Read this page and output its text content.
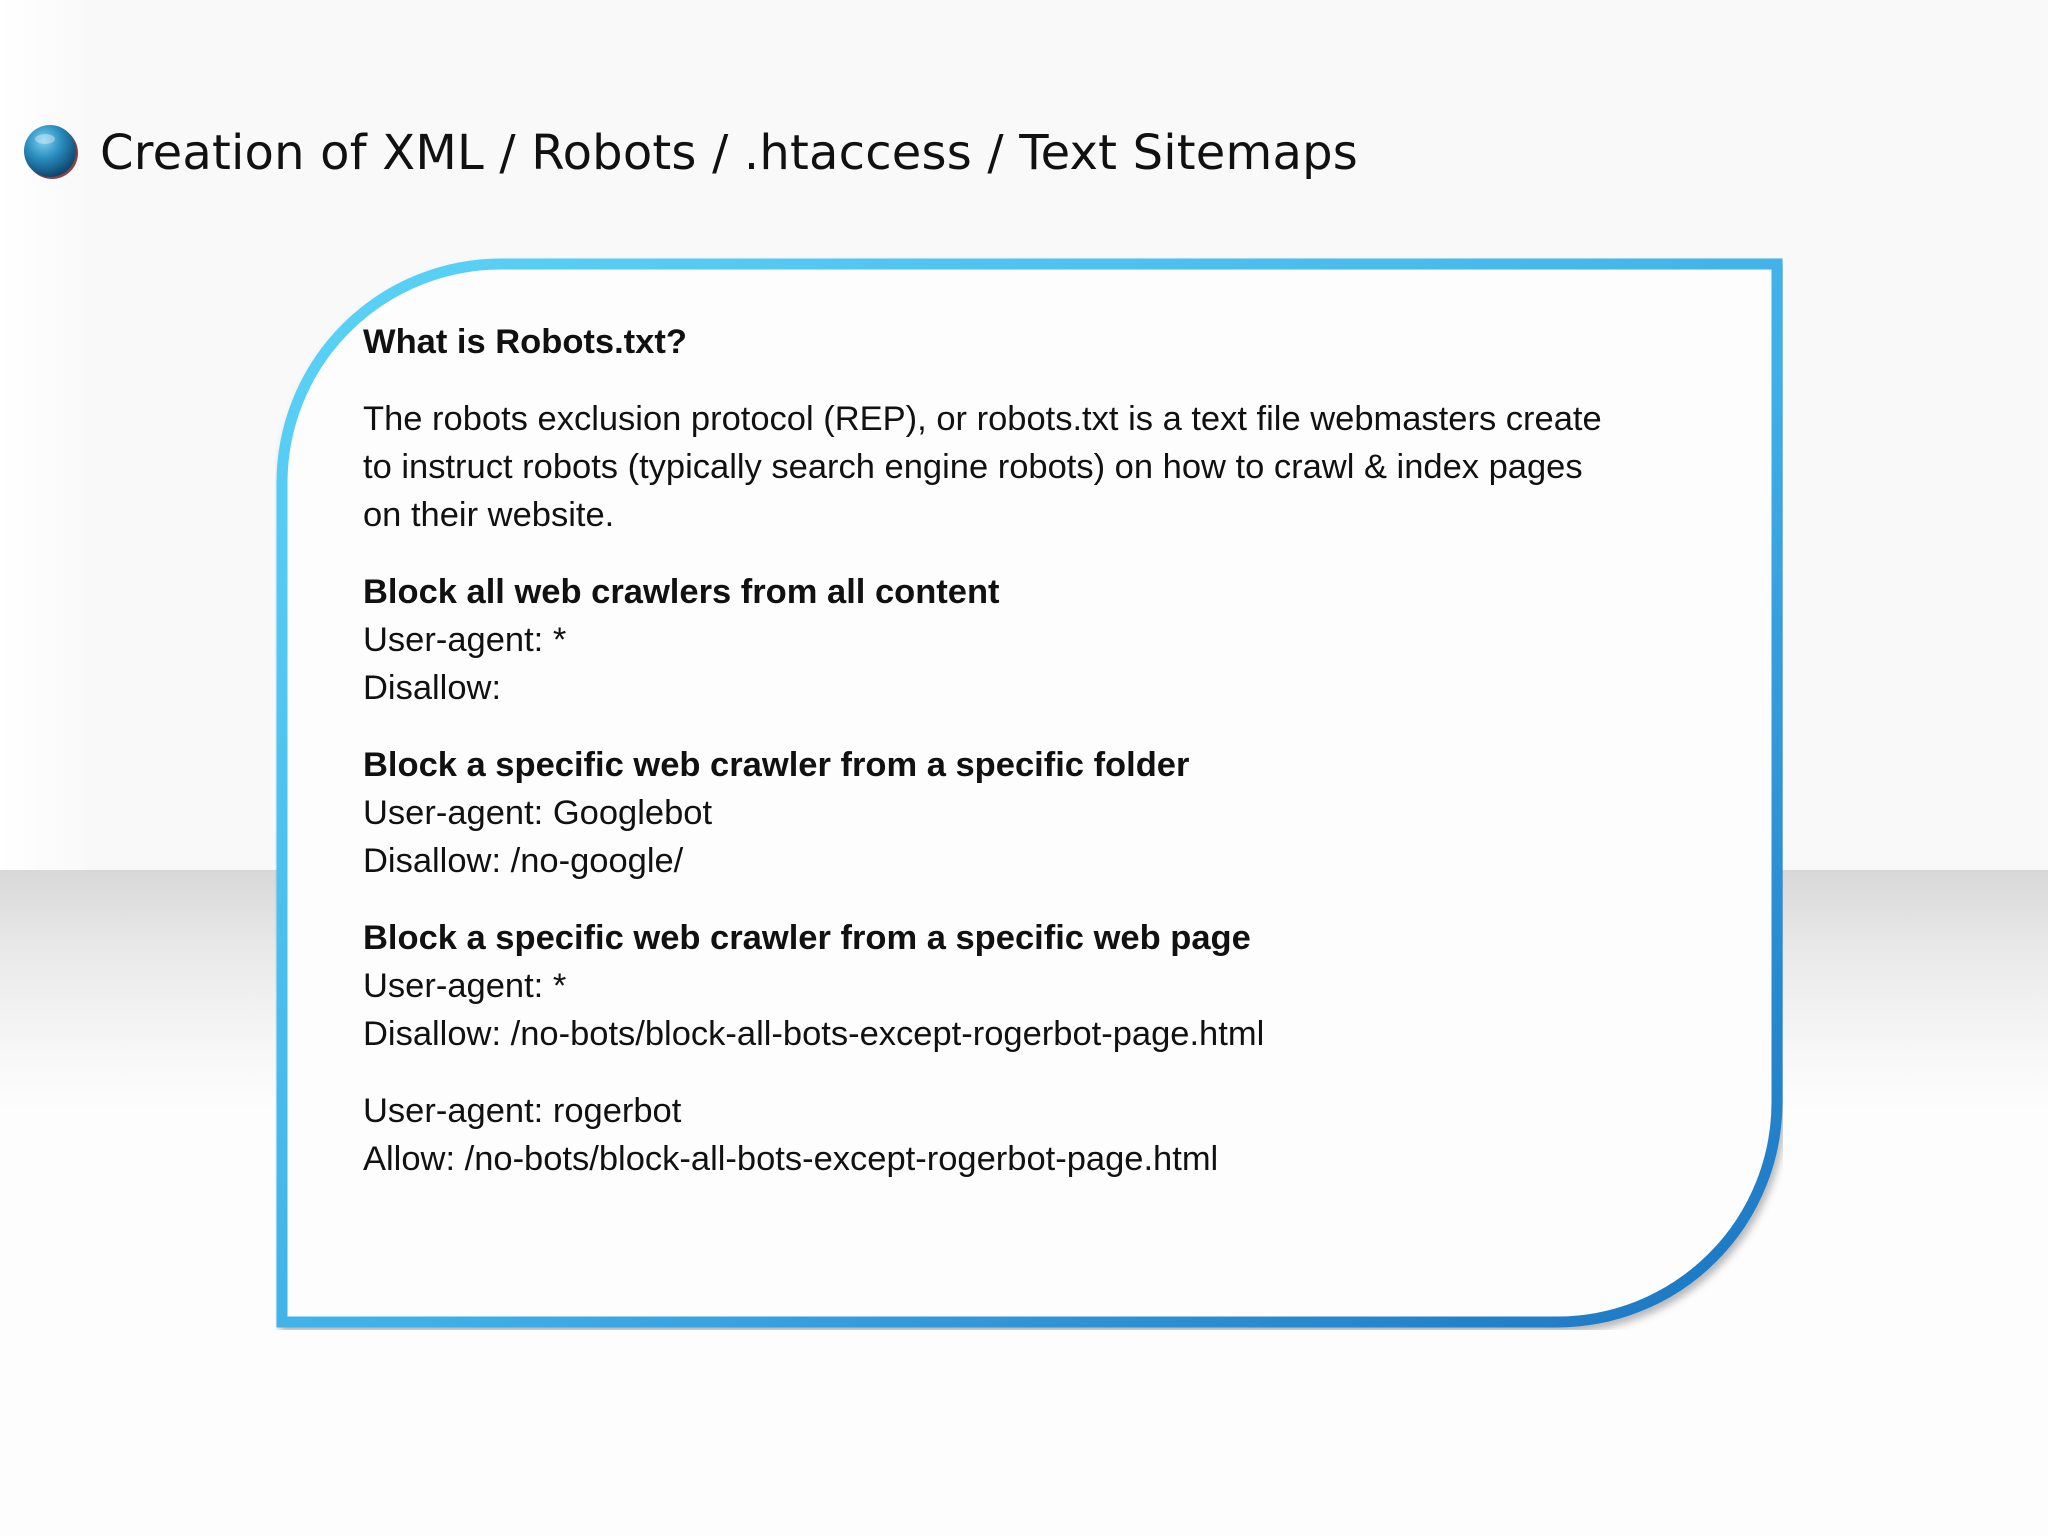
Creation of XML / Robots / .htaccess / Text Sitemaps
What is Robots.txt?
The robots exclusion protocol (REP), or robots.txt is a text file webmasters create
to instruct robots (typically search engine robots) on how to crawl & index pages
on their website.
Block all web crawlers from all content
User-agent: *
Disallow:
Block a specific web crawler from a specific folder
User-agent: Googlebot
Disallow: /no-google/
Block a specific web crawler from a specific web page
User-agent: *
Disallow: /no-bots/block-all-bots-except-rogerbot-page.html
User-agent: rogerbot
Allow: /no-bots/block-all-bots-except-rogerbot-page.html
